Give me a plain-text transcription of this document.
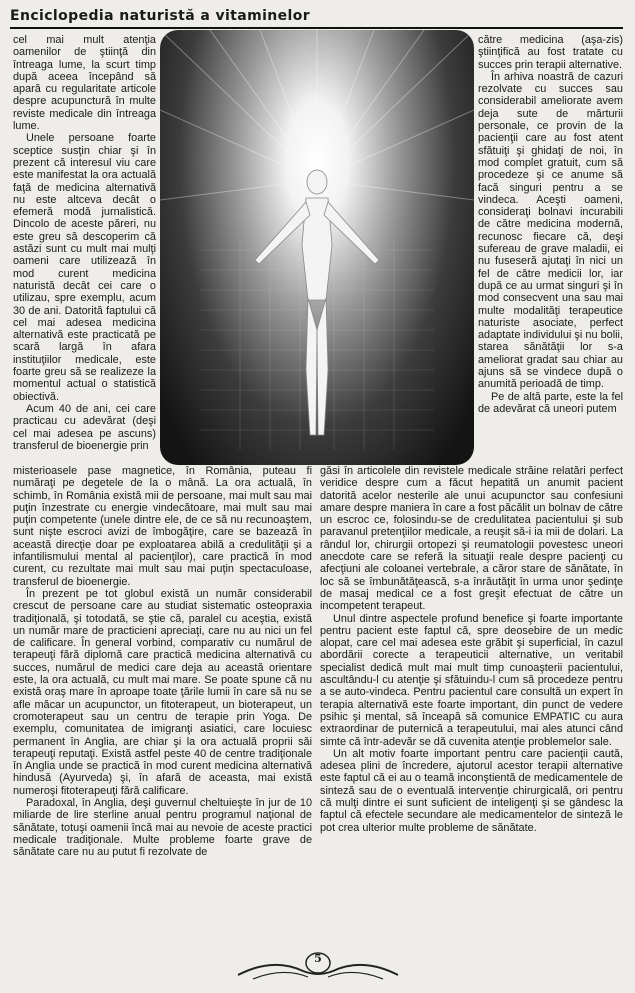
Enciclopedia naturistă a vitaminelor

cel mai mult atenţia oamenilor de ştiinţă din întreaga lume, la scurt timp după aceea începând să apară cu regularitate articole despre acupunctură în multe reviste medicale din întreaga lume.

Unele persoane foarte sceptice susţin chiar şi în prezent că interesul viu care este manifestat la ora actuală faţă de medicina alternativă nu este altceva decât o efemeră modă jurnalistică. Dincolo de aceste păreri, nu este greu să descoperim că astăzi sunt cu mult mai mulţi oameni care utilizează în mod curent medicina naturistă decât cei care o utilizau, spre exemplu, acum 30 de ani. Datorită faptului că cel mai adesea medicina alternativă este practicată pe scară largă în afara instituţiilor medicale, este foarte greu să se realizeze la momentul actual o statistică obiectivă.

Acum 40 de ani, cei care practicau cu adevărat (deşi cel mai adesea pe ascuns) transferul de bioenergie prin

către medicina (aşa-zis) ştiinţifică au fost tratate cu succes prin terapii alternative.

În arhiva noastră de cazuri rezolvate cu succes sau considerabil ameliorate avem deja sute de mărturii personale, ce provin de la pacienţii care au fost atent sfătuiţi şi ghidaţi de noi, în mod complet gratuit, cum să procedeze şi ce anume să facă singuri pentru a se vindeca. Aceşti oameni, consideraţi bolnavi incurabili de către medicina modernă, recunosc fiecare că, deşi sufereau de grave maladii, ei nu fuseseră ajutaţi în nici un fel de către medicii lor, iar după ce au urmat singuri şi în mod consecvent una sau mai multe modalităţi terapeutice naturiste asociate, perfect adaptate individului şi nu bolii, starea sănătăţii lor s-a ameliorat gradat sau chiar au ajuns să se vindece după o anumită perioadă de timp.

Pe de altă parte, este la fel de adevărat că uneori putem

misterioasele pase magnetice, în România, puteau fi număraţi pe degetele de la o mână. La ora actuală, în schimb, în România există mii de persoane, mai mult sau mai puţin înzestrate cu energie vindecătoare, mai mult sau mai puţin competente (unele dintre ele, de ce să nu recunoaştem, sunt nişte escroci avizi de îmbogăţire, care se bazează în această direcţie doar pe exploatarea abilă a credulităţii şi a infantilismului mental al pacienţilor), care practică în mod curent, cu rezultate mai mult sau mai puţin spectaculoase, transferul de bioenergie.

În prezent pe tot globul există un număr considerabil crescut de persoane care au studiat sistematic osteopraxia tradiţională, şi totodată, se ştie că, paralel cu aceştia, există un număr mare de practicieni apreciaţi, care nu au nici un fel de calificare. În general vorbind, comparativ cu numărul de terapeuţi fără diplomă care practică medicina alternativă cu succes, numărul de medici care deja au această orientare este, la ora actuală, cu mult mai mare. Se poate spune că nu există oraş mare în aproape toate ţările lumii în care să nu se afle măcar un acupunctor, un fitoterapeut, un bioterapeut, un cromoterapeut sau un centru de terapie prin Yoga. De exemplu, comunitatea de imigranţi asiatici, care locuiesc permanent în Anglia, are chiar şi la ora actuală proprii săi terapeuţi reputaţi. Există astfel peste 40 de centre tradiţionale în Anglia unde se practică în mod curent medicina alternativă hindusă (Ayurveda) şi, în afară de aceasta, mai există numeroşi fitoterapeuţi fără calificare.

Paradoxal, în Anglia, deşi guvernul cheltuieşte în jur de 10 miliarde de lire sterline anual pentru programul naţional de sănătate, totuşi oamenii încă mai au nevoie de aceste practici medicale tradiţionale. Multe probleme foarte grave de sănătate care nu au putut fi rezolvate de

găsi în articolele din revistele medicale străine relatări perfect veridice despre cum a făcut hepatită un anumit pacient datorită acelor nesterile ale unui acupunctor sau confesiuni amare despre maniera în care a fost păcălit un bolnav de către un escroc ce, folosindu-se de credulitatea pacientului şi sub paravanul pretenţiilor medicale, a reuşit să-i ia mii de dolari. La rândul lor, chirurgii ortopezi şi reumatologii povestesc uneori anecdote care se referă la situaţii reale despre pacienţi cu afecţiuni ale coloanei vertebrale, a căror stare de sănătate, în loc să se îmbunătăţească, s-a înrăutăţit în urma unor şedinţe de masaj medical ce a fost greşit efectuat de către un incompetent terapeut.

Unul dintre aspectele profund benefice şi foarte importante pentru pacient este faptul că, spre deosebire de un medic alopat, care cel mai adesea este grăbit şi superficial, în cazul abordării corecte a terapeuticii alternative, un veritabil specialist dedică mult mai mult timp cunoaşterii pacientului, ascultându-l cu atenţie şi sfătuindu-l cum să procedeze pentru a se auto-vindeca. Pentru pacientul care consultă un expert în terapia alternativă este foarte important, din punct de vedere psihic şi mental, să înceapă să comunice EMPATIC cu aura extraordinar de puternică a terapeutului, mai ales atunci când simte că într-adevăr se dă cuvenita atenţie problemelor sale.

Un alt motiv foarte important pentru care pacienţii caută, adesea plini de încredere, ajutorul acestor terapii alternative este faptul că ei au o teamă inconştientă de medicamentele de sinteză sau de o eventuală intervenţie chirurgicală, ori pentru că mulţi dintre ei sunt suficient de inteligenţi şi se gândesc la faptul că efectele secundare ale medicamentelor de sinteză le pot crea ulterior multe probleme de sănătate.

5
